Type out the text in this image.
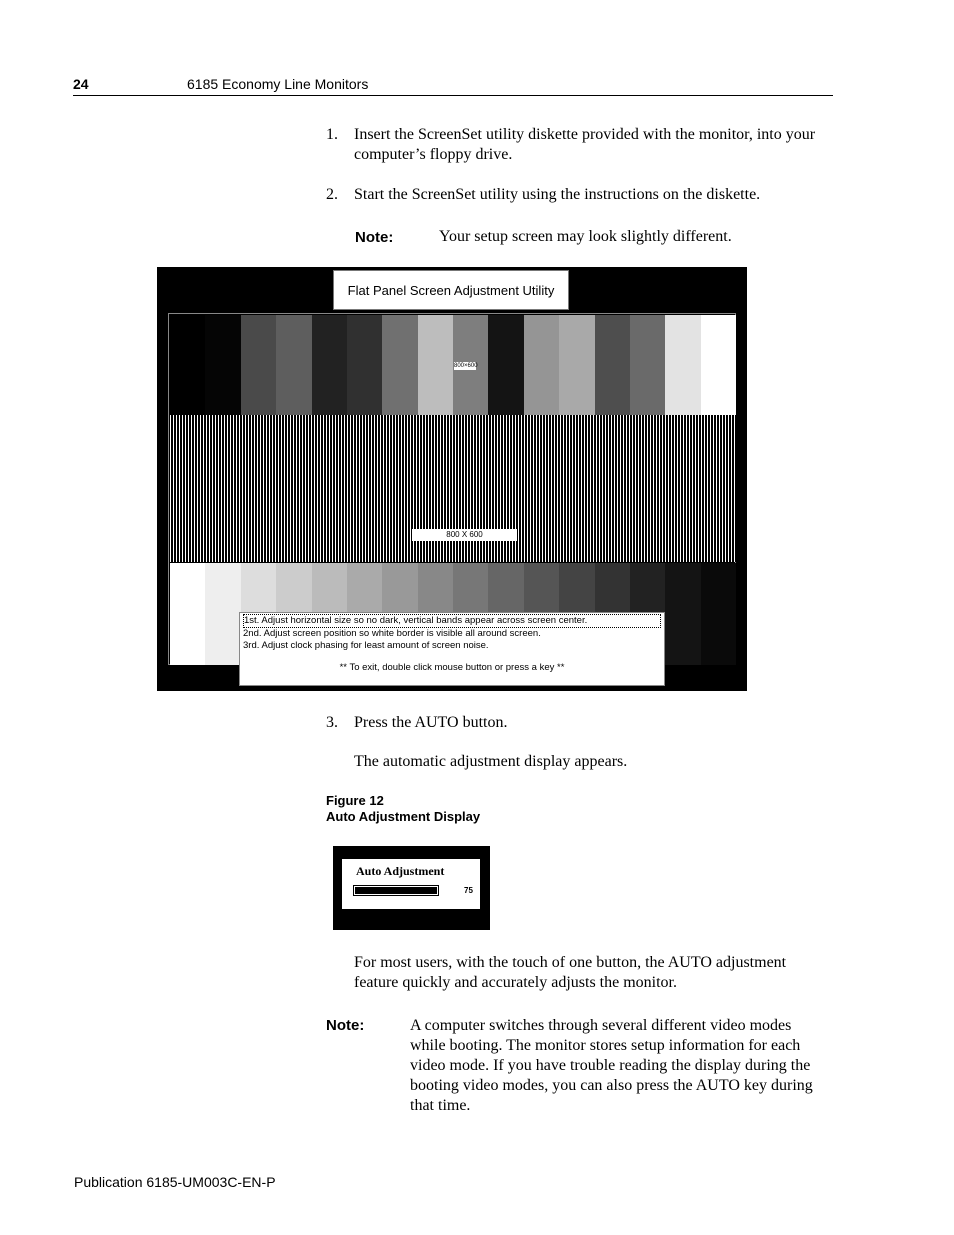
24	6185 Economy Line Monitors
1. Insert the ScreenSet utility diskette provided with the monitor, into your computer’s floppy drive.
2. Start the ScreenSet utility using the instructions on the diskette.
Note:	Your setup screen may look slightly different.
Flat Panel Screen Adjustment Utility
800×600
800 X 600
1st. Adjust horizontal size so no dark, vertical bands appear across screen center.
2nd. Adjust screen position so white border is visible all around screen.
3rd. Adjust clock phasing for least amount of screen noise.
** To exit, double click mouse button or press a key **
3. Press the AUTO button.
The automatic adjustment display appears.
Figure 12
Auto Adjustment Display
Auto Adjustment
75
For most users, with the touch of one button, the AUTO adjustment feature quickly and accurately adjusts the monitor.
Note:	A computer switches through several different video modes while booting. The monitor stores setup information for each video mode. If you have trouble reading the display during the booting video modes, you can also press the AUTO key during that time.
Publication 6185-UM003C-EN-P
